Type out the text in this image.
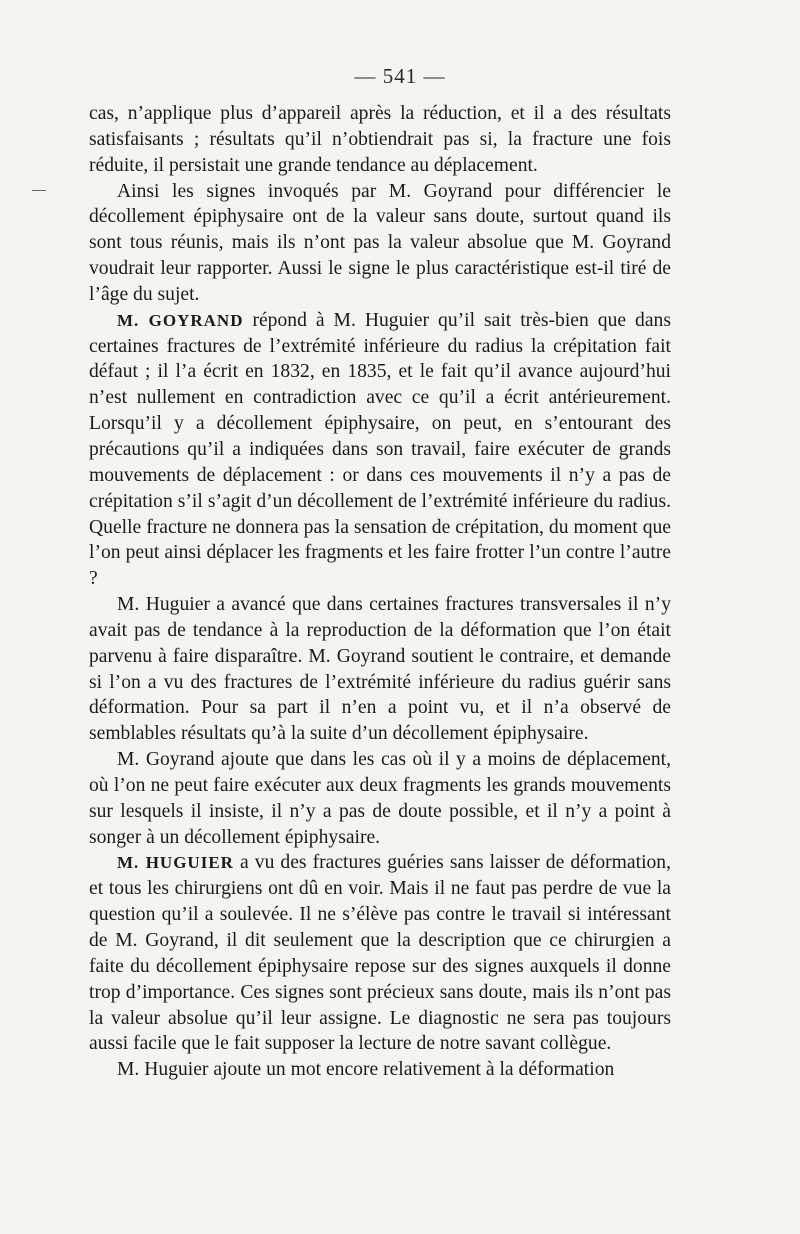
— 541 —

cas, n’applique plus d’appareil après la réduction, et il a des résultats satisfaisants ; résultats qu’il n’obtiendrait pas si, la fracture une fois réduite, il persistait une grande tendance au déplacement.

Ainsi les signes invoqués par M. Goyrand pour différencier le décollement épiphysaire ont de la valeur sans doute, surtout quand ils sont tous réunis, mais ils n’ont pas la valeur absolue que M. Goyrand voudrait leur rapporter. Aussi le signe le plus caractéristique est-il tiré de l’âge du sujet.

M. GOYRAND répond à M. Huguier qu’il sait très-bien que dans certaines fractures de l’extrémité inférieure du radius la crépitation fait défaut ; il l’a écrit en 1832, en 1835, et le fait qu’il avance aujourd’hui n’est nullement en contradiction avec ce qu’il a écrit antérieurement. Lorsqu’il y a décollement épiphysaire, on peut, en s’entourant des précautions qu’il a indiquées dans son travail, faire exécuter de grands mouvements de déplacement : or dans ces mouvements il n’y a pas de crépitation s’il s’agit d’un décollement de l’extrémité inférieure du radius. Quelle fracture ne donnera pas la sensation de crépitation, du moment que l’on peut ainsi déplacer les fragments et les faire frotter l’un contre l’autre ?

M. Huguier a avancé que dans certaines fractures transversales il n’y avait pas de tendance à la reproduction de la déformation que l’on était parvenu à faire disparaître. M. Goyrand soutient le contraire, et demande si l’on a vu des fractures de l’extrémité inférieure du radius guérir sans déformation. Pour sa part il n’en a point vu, et il n’a observé de semblables résultats qu’à la suite d’un décollement épiphysaire.

M. Goyrand ajoute que dans les cas où il y a moins de déplacement, où l’on ne peut faire exécuter aux deux fragments les grands mouvements sur lesquels il insiste, il n’y a pas de doute possible, et il n’y a point à songer à un décollement épiphysaire.

M. HUGUIER a vu des fractures guéries sans laisser de déformation, et tous les chirurgiens ont dû en voir. Mais il ne faut pas perdre de vue la question qu’il a soulevée. Il ne s’élève pas contre le travail si intéressant de M. Goyrand, il dit seulement que la description que ce chirurgien a faite du décollement épiphysaire repose sur des signes auxquels il donne trop d’importance. Ces signes sont précieux sans doute, mais ils n’ont pas la valeur absolue qu’il leur assigne. Le diagnostic ne sera pas toujours aussi facile que le fait supposer la lecture de notre savant collègue.

M. Huguier ajoute un mot encore relativement à la déformation
